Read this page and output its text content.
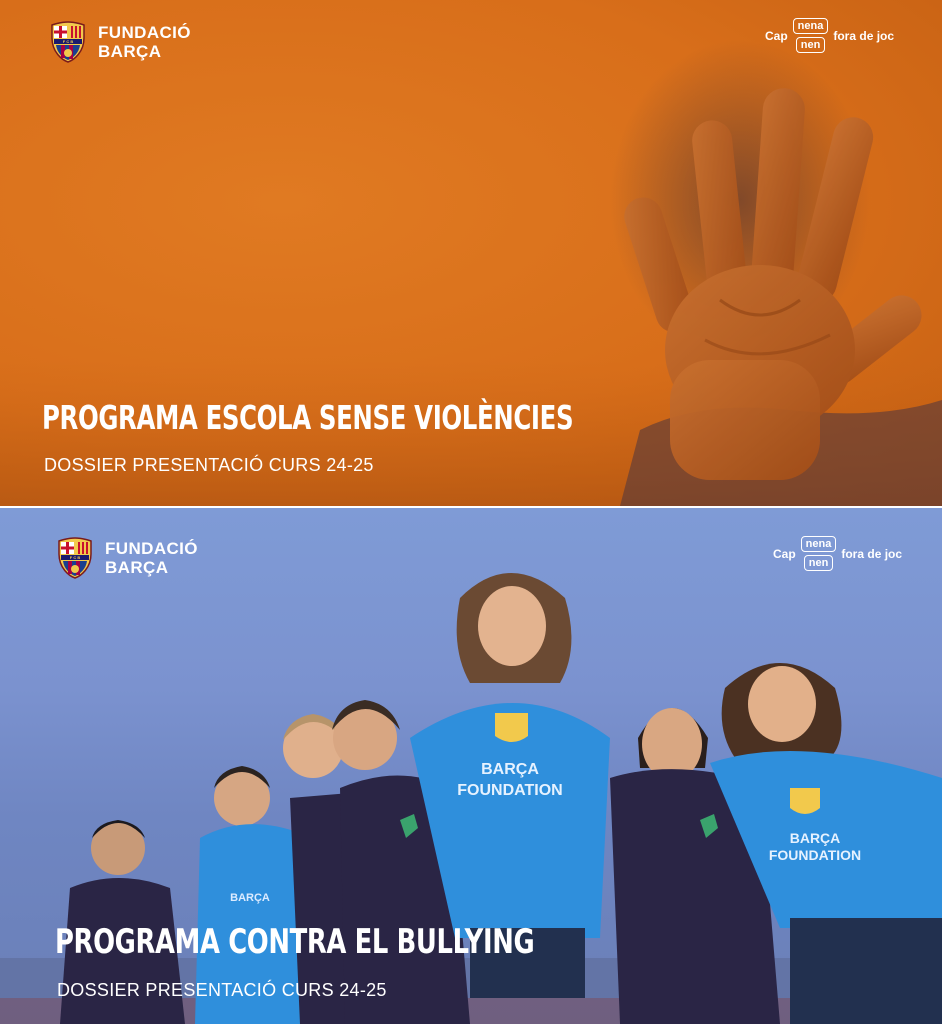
F C B FUNDACIÓ
BARÇA
Cap
nena
nen
fora de joc
PROGRAMA ESCOLA SENSE VIOLÈNCIES
DOSSIER PRESENTACIÓ CURS 24-25
BARÇA
BARÇA
FOUNDATION
BARÇA
FOUNDATION
F C B FUNDACIÓ
BARÇA
Cap
nena
nen
fora de joc
PROGRAMA CONTRA EL BULLYING
DOSSIER PRESENTACIÓ CURS 24-25
